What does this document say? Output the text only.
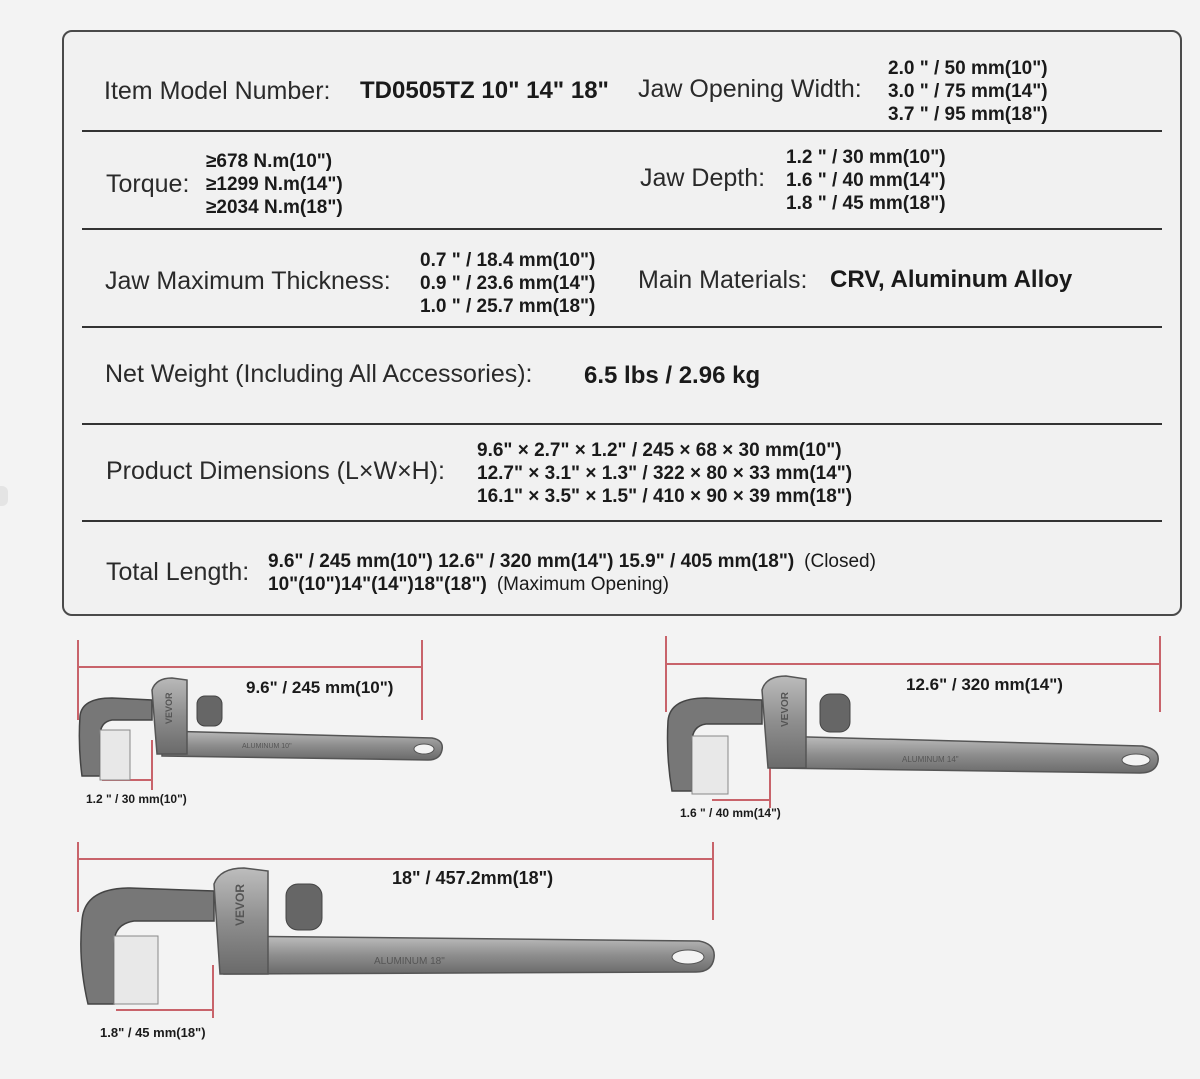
Item Model Number: TD0505TZ 10" 14" 18" Jaw Opening Width:
2.0 " / 50 mm(10")
3.0 " / 75 mm(14")
3.7 " / 95 mm(18")
Torque:
≥678 N.m(10")
≥1299 N.m(14")
≥2034 N.m(18")
Jaw Depth:
1.2 " / 30 mm(10")
1.6 " / 40 mm(14")
1.8 " / 45 mm(18")
Jaw Maximum Thickness:
0.7 " / 18.4 mm(10")
0.9 " / 23.6 mm(14")
1.0 " / 25.7 mm(18")
Main Materials: CRV, Aluminum Alloy
Net Weight (Including All Accessories): 6.5 lbs / 2.96 kg
Product Dimensions (L×W×H):
9.6" × 2.7" × 1.2" / 245 × 68 × 30 mm(10")
12.7" × 3.1" × 1.3" / 322 × 80 × 33 mm(14")
16.1" × 3.5" × 1.5" / 410 × 90 × 39 mm(18")
Total Length: 9.6" / 245 mm(10") 12.6" / 320 mm(14") 15.9" / 405 mm(18") (Closed)
10"(10")14"(14")18"(18") (Maximum Opening)
VEVOR
ALUMINUM 10"
VEVOR
ALUMINUM 14"
VEVOR
ALUMINUM 18"
9.6" / 245 mm(10")
1.2 " / 30 mm(10")
12.6" / 320 mm(14")
1.6 " / 40 mm(14")
18" / 457.2mm(18")
1.8" / 45 mm(18")
